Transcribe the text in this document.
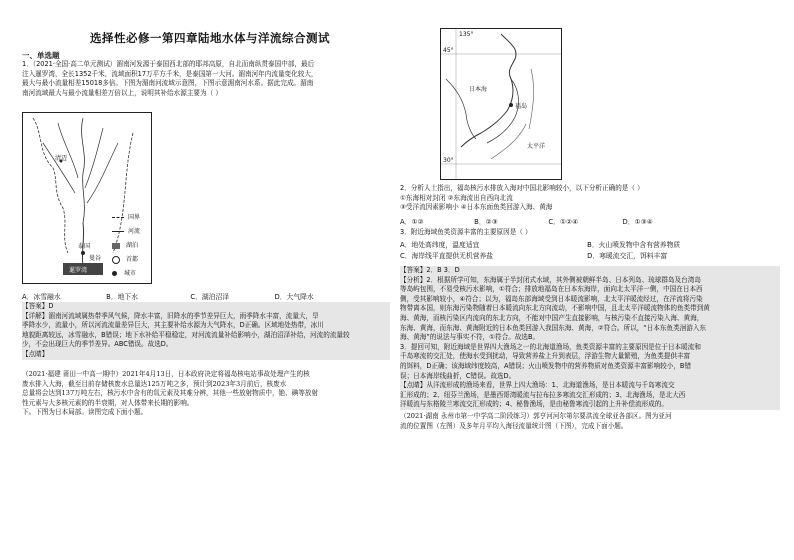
选择性必修一第四章陆地水体与洋流综合测试
一、单选题

1．（2021·全国·高二单元测试）湄南河发源于泰国西北部的耶邦高原，自北而南纵贯泰国中部，最后

注入暹罗湾，全长1352千米，流域面积17万平方千米，是泰国第一大河。湄南河年内流量变化较大，

最大与最小流量相差15018多倍。下图为湄南河流域示意图，下图示意湄南河水系。据此完成。湄南

南河流域最大与最小流量相差万倍以上，说明其补给水源主要为（ ）

清迈
泰国
曼谷
暹罗湾
国界
河流
湖泊
首都
城市
A．冰雪融水	B．地下水	C．湖泊沼泽	D．大气降水

【答案】D

【详解】湄南河流域属热带季风气候，降水丰富，旧降水的季节差异巨大，雨季降水丰富，流量大，旱

季降水少，流量小，所以河流流量差异巨大，其主要补给水源为大气降水，D正确。区域地处热带，冰川

地貌距离较远，冰雪融水，B错误；地下水补给平稳稳定，对河流流量补给影响小，湖泊沼泽补给，河流的流量较

少，不会出现巨大的季节差异。ABC错误。故选D。

【点睛】

（2021·福建 莆田一中高一期中）2021年4月13日，日本政府决定将福岛核电站事故处理产生的核

废水排入大海，截至目前存储核废水总量达125万吨之多，预计到2023年3月前后，核废水

总量将会达到137万吨左右，核污水中含有的氚元素及其难分辨，其他一些放射物质中，铯、碘等放射

性元素与大多核元素的的半衰期，对人体带来长期的影响。

下。下图为日本局部。读图完成下面小题。

45°
135°
福岛
30°
日本海
太平洋

2．分析人士指出，福岛核污水排放入海对中国北影响较小，以下分析正确的是（ ）

①东海相对封闭 ②东海流出自西向北流

③受洋流因素影响小 ④日本东面鱼类回游入海、黄海

A．①②	B．②③	C．①②④	D．①③④

3．附近海域鱼类资源丰富的主要原因是（ ）

A．地处高纬度，温度适宜	B．火山喷发物中含有营养物质
C．海岸线平直提供无机营养盐	D．寒暖流交汇，饵料丰富

【答案】2．B 3．D

【分析】2．根据所学可知，东海属于半封闭式水域，其外侧被朝鲜半岛、日本列岛、琉球群岛及台湾岛

等岛屿包围，不易受核污水影响，①符合；排放地福岛在日本东海岸，面向北太平洋一侧，中国在日本西

侧，受其影响较小，④符合；以为，福岛东部海域受到日本暖流影响，北太平洋暖流经过，在洋流将污染

物带离本国，则东海污染物随着日本暖流向东北方向流动，不影响中国，且北太平洋暖流物体的鱼类带到黄

海、黄海，而核污染区内流向的东北方向，不能对中国产生直接影响，与核污染不直接污染入海、黄海，

东海、黄海，而东海、黄海附近的日本鱼类回游入我国东海、黄海，②符合。所以，“日本东鱼类洄游入东

海、黄海”的说法与事实不符，①符合。故选B。

3．提回可知，附近海域是世界四大渔场之一的北海道渔场，鱼类资源丰富的主要原因是位于日本暖流和

千岛寒流的交汇处，使海水受到扰动，导致营养盐上升到表层，浮游生物大量繁殖，为鱼类提供丰富

的饵料，D正确；该海域纬度较高，A错误；火山喷发物中的营养物质对鱼类资源丰富影响较小，B错

误；日本海岸线曲折，C错误。故选D。

【点睛】从洋流形成的渔场来看，世界上四大渔场：1、北海道渔场，是日本暖流与千岛寒流交

汇形成的；2、纽芬兰渔场，是墨西哥湾暖流与拉布拉多寒流交汇形成的；3、北海渔场，是北大西

洋暖流与东格陵兰寒流交汇形成的；4、秘鲁渔场，是由秘鲁寒流引起的上升补偿流形成的。

（2021·湖南 永州市第一中学高二阶段练习）郭亨河河尔第尔要洪流全球亚各部区。图为亚河

流的位置图（左图）及多年月平均入海径流量统计图（下图），完成下面小题。
